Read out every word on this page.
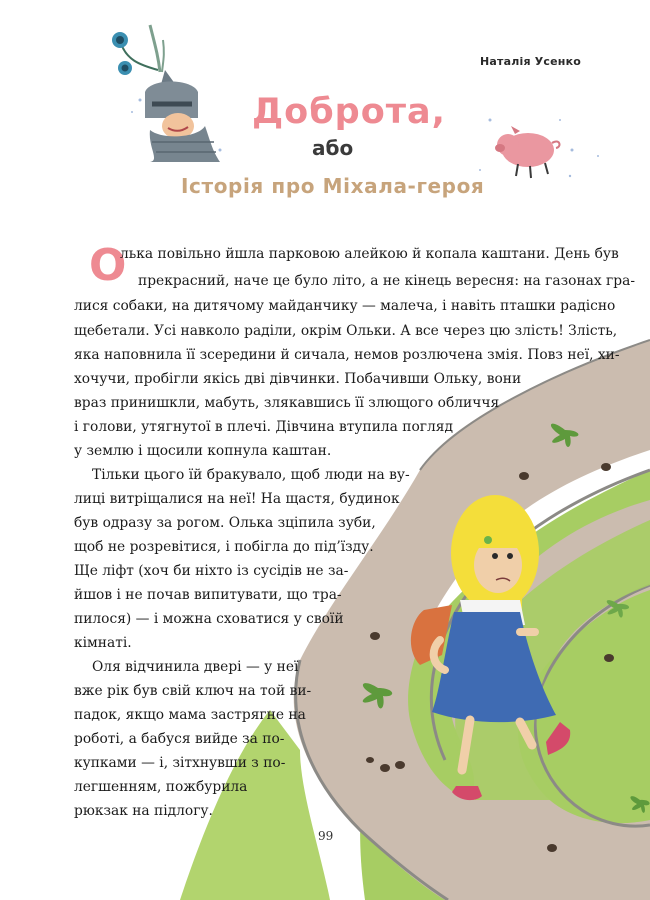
Наталія Усенко
Доброта,
або
Історія про Міхала-героя
О
лька повільно йшла парковою алейкою й копала каштани. День був
прекрасний, наче це було літо, а не кінець вересня: на газонах гра-
лися собаки, на дитячому майданчику — малеча, і навіть пташки радісно
щебетали. Усі навколо раділи, окрім Ольки. А все через цю злість! Злість,
яка наповнила її зсередини й сичала, немов розлючена змія. Повз неї, хи-
хочучи, пробігли якісь дві дівчинки. Побачивши Ольку, вони
враз принишкли, мабуть, злякавшись її злющого обличчя
і голови, утягнутої в плечі. Дівчина втупила погляд
у землю і щосили копнула каштан.
Тільки цього їй бракувало, щоб люди на ву-
лиці витріщалися на неї! На щастя, будинок
був одразу за рогом. Олька зціпила зуби,
щоб не розревітися, і побігла до під’їзду.
Ще ліфт (хоч би ніхто із сусідів не за-
йшов і не почав випитувати, що тра-
пилося) — і можна сховатися у своїй
кімнаті.
Оля відчинила двері — у неї
вже рік був свій ключ на той ви-
падок, якщо мама застрягне на
роботі, а бабуся вийде за по-
купками — і, зітхнувши з по-
легшенням, пожбурила
рюкзак на підлогу.
99
